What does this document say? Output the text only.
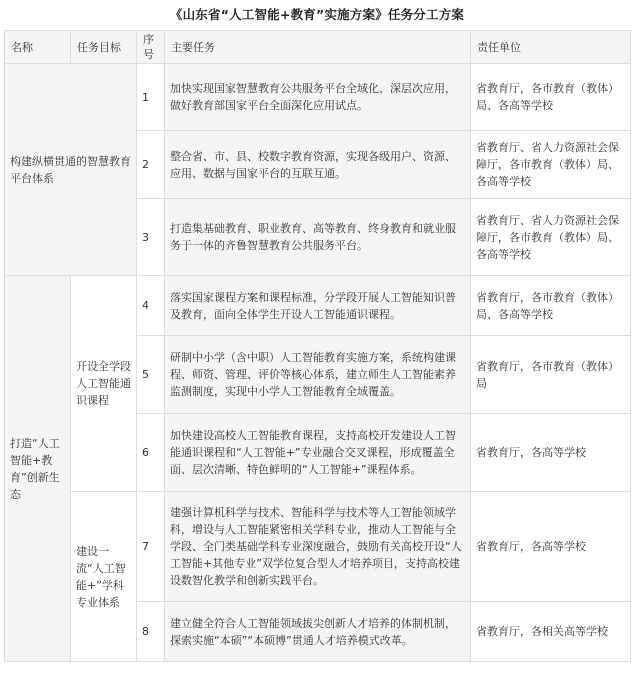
《山东省“人工智能+教育”实施方案》任务分工方案
名称	任务目标	序号	主要任务	责任单位
构建纵横贯通的智慧教育平台体系		1	加快实现国家智慧教育公共服务平台全域化、深层次应用，做好教育部国家平台全面深化应用试点。	省教育厅，各市教育（教体）局、各高等学校
		2	整合省、市、县、校数字教育资源，实现各级用户、资源、应用、数据与国家平台的互联互通。	省教育厅、省人力资源社会保障厅，各市教育（教体）局、各高等学校
		3	打造集基础教育、职业教育、高等教育、终身教育和就业服务于一体的齐鲁智慧教育公共服务平台。	省教育厅、省人力资源社会保障厅，各市教育（教体）局、各高等学校
打造“人工智能+教育”创新生态	开设全学段人工智能通识课程	4	落实国家课程方案和课程标准，分学段开展人工智能知识普及教育，面向全体学生开设人工智能通识课程。	省教育厅，各市教育（教体）局、各高等学校
		5	研制中小学（含中职）人工智能教育实施方案，系统构建课程、师资、管理、评价等核心体系，建立师生人工智能素养监测制度，实现中小学人工智能教育全域覆盖。	省教育厅，各市教育（教体）局
		6	加快建设高校人工智能教育课程，支持高校开发建设人工智能通识课程和“人工智能+”专业融合交叉课程，形成覆盖全面、层次清晰、特色鲜明的“人工智能+”课程体系。	省教育厅，各高等学校
	建设一流“人工智能+”学科专业体系	7	建强计算机科学与技术、智能科学与技术等人工智能领域学科，增设与人工智能紧密相关学科专业，推动人工智能与全学段、全门类基础学科专业深度融合，鼓励有关高校开设“人工智能+其他专业”双学位复合型人才培养项目，支持高校建设数智化教学和创新实践平台。	省教育厅，各高等学校
		8	建立健全符合人工智能领域拔尖创新人才培养的体制机制，探索实施“本硕”“本硕博”贯通人才培养模式改革。	省教育厅，各相关高等学校
